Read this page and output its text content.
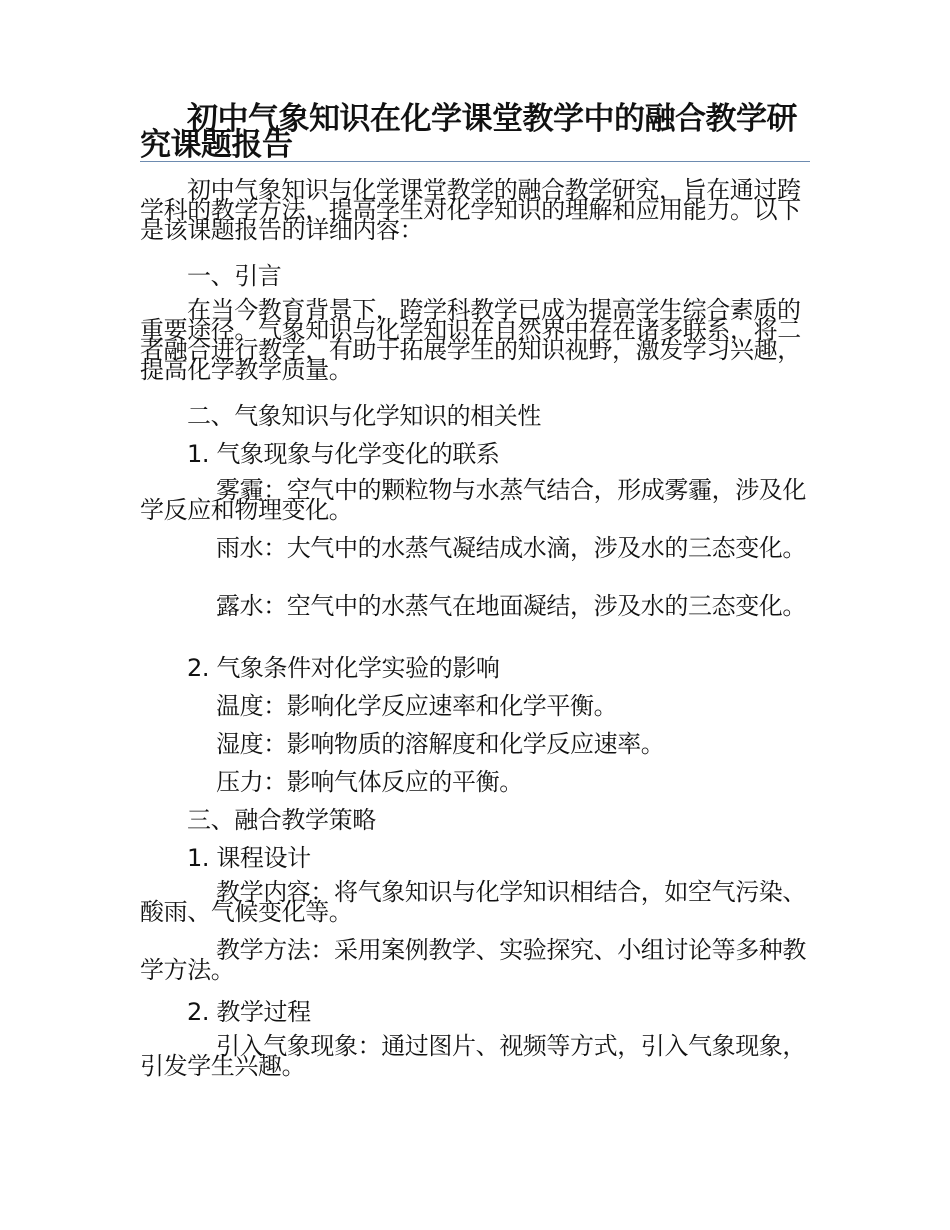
初中气象知识在化学课堂教学中的融合教学研究课题报告

初中气象知识与化学课堂教学的融合教学研究，旨在通过跨学科的教学方法，提高学生对化学知识的理解和应用能力。以下是该课题报告的详细内容：

一、引言

在当今教育背景下，跨学科教学已成为提高学生综合素质的重要途径。气象知识与化学知识在自然界中存在诸多联系，将二者融合进行教学，有助于拓展学生的知识视野，激发学习兴趣，提高化学教学质量。

二、气象知识与化学知识的相关性

1. 气象现象与化学变化的联系

雾霾：空气中的颗粒物与水蒸气结合，形成雾霾，涉及化学反应和物理变化。

雨水：大气中的水蒸气凝结成水滴，涉及水的三态变化。

露水：空气中的水蒸气在地面凝结，涉及水的三态变化。

2. 气象条件对化学实验的影响

温度：影响化学反应速率和化学平衡。

湿度：影响物质的溶解度和化学反应速率。

压力：影响气体反应的平衡。

三、融合教学策略

1. 课程设计

教学内容：将气象知识与化学知识相结合，如空气污染、酸雨、气候变化等。

教学方法：采用案例教学、实验探究、小组讨论等多种教学方法。

2. 教学过程

引入气象现象：通过图片、视频等方式，引入气象现象，引发学生兴趣。
